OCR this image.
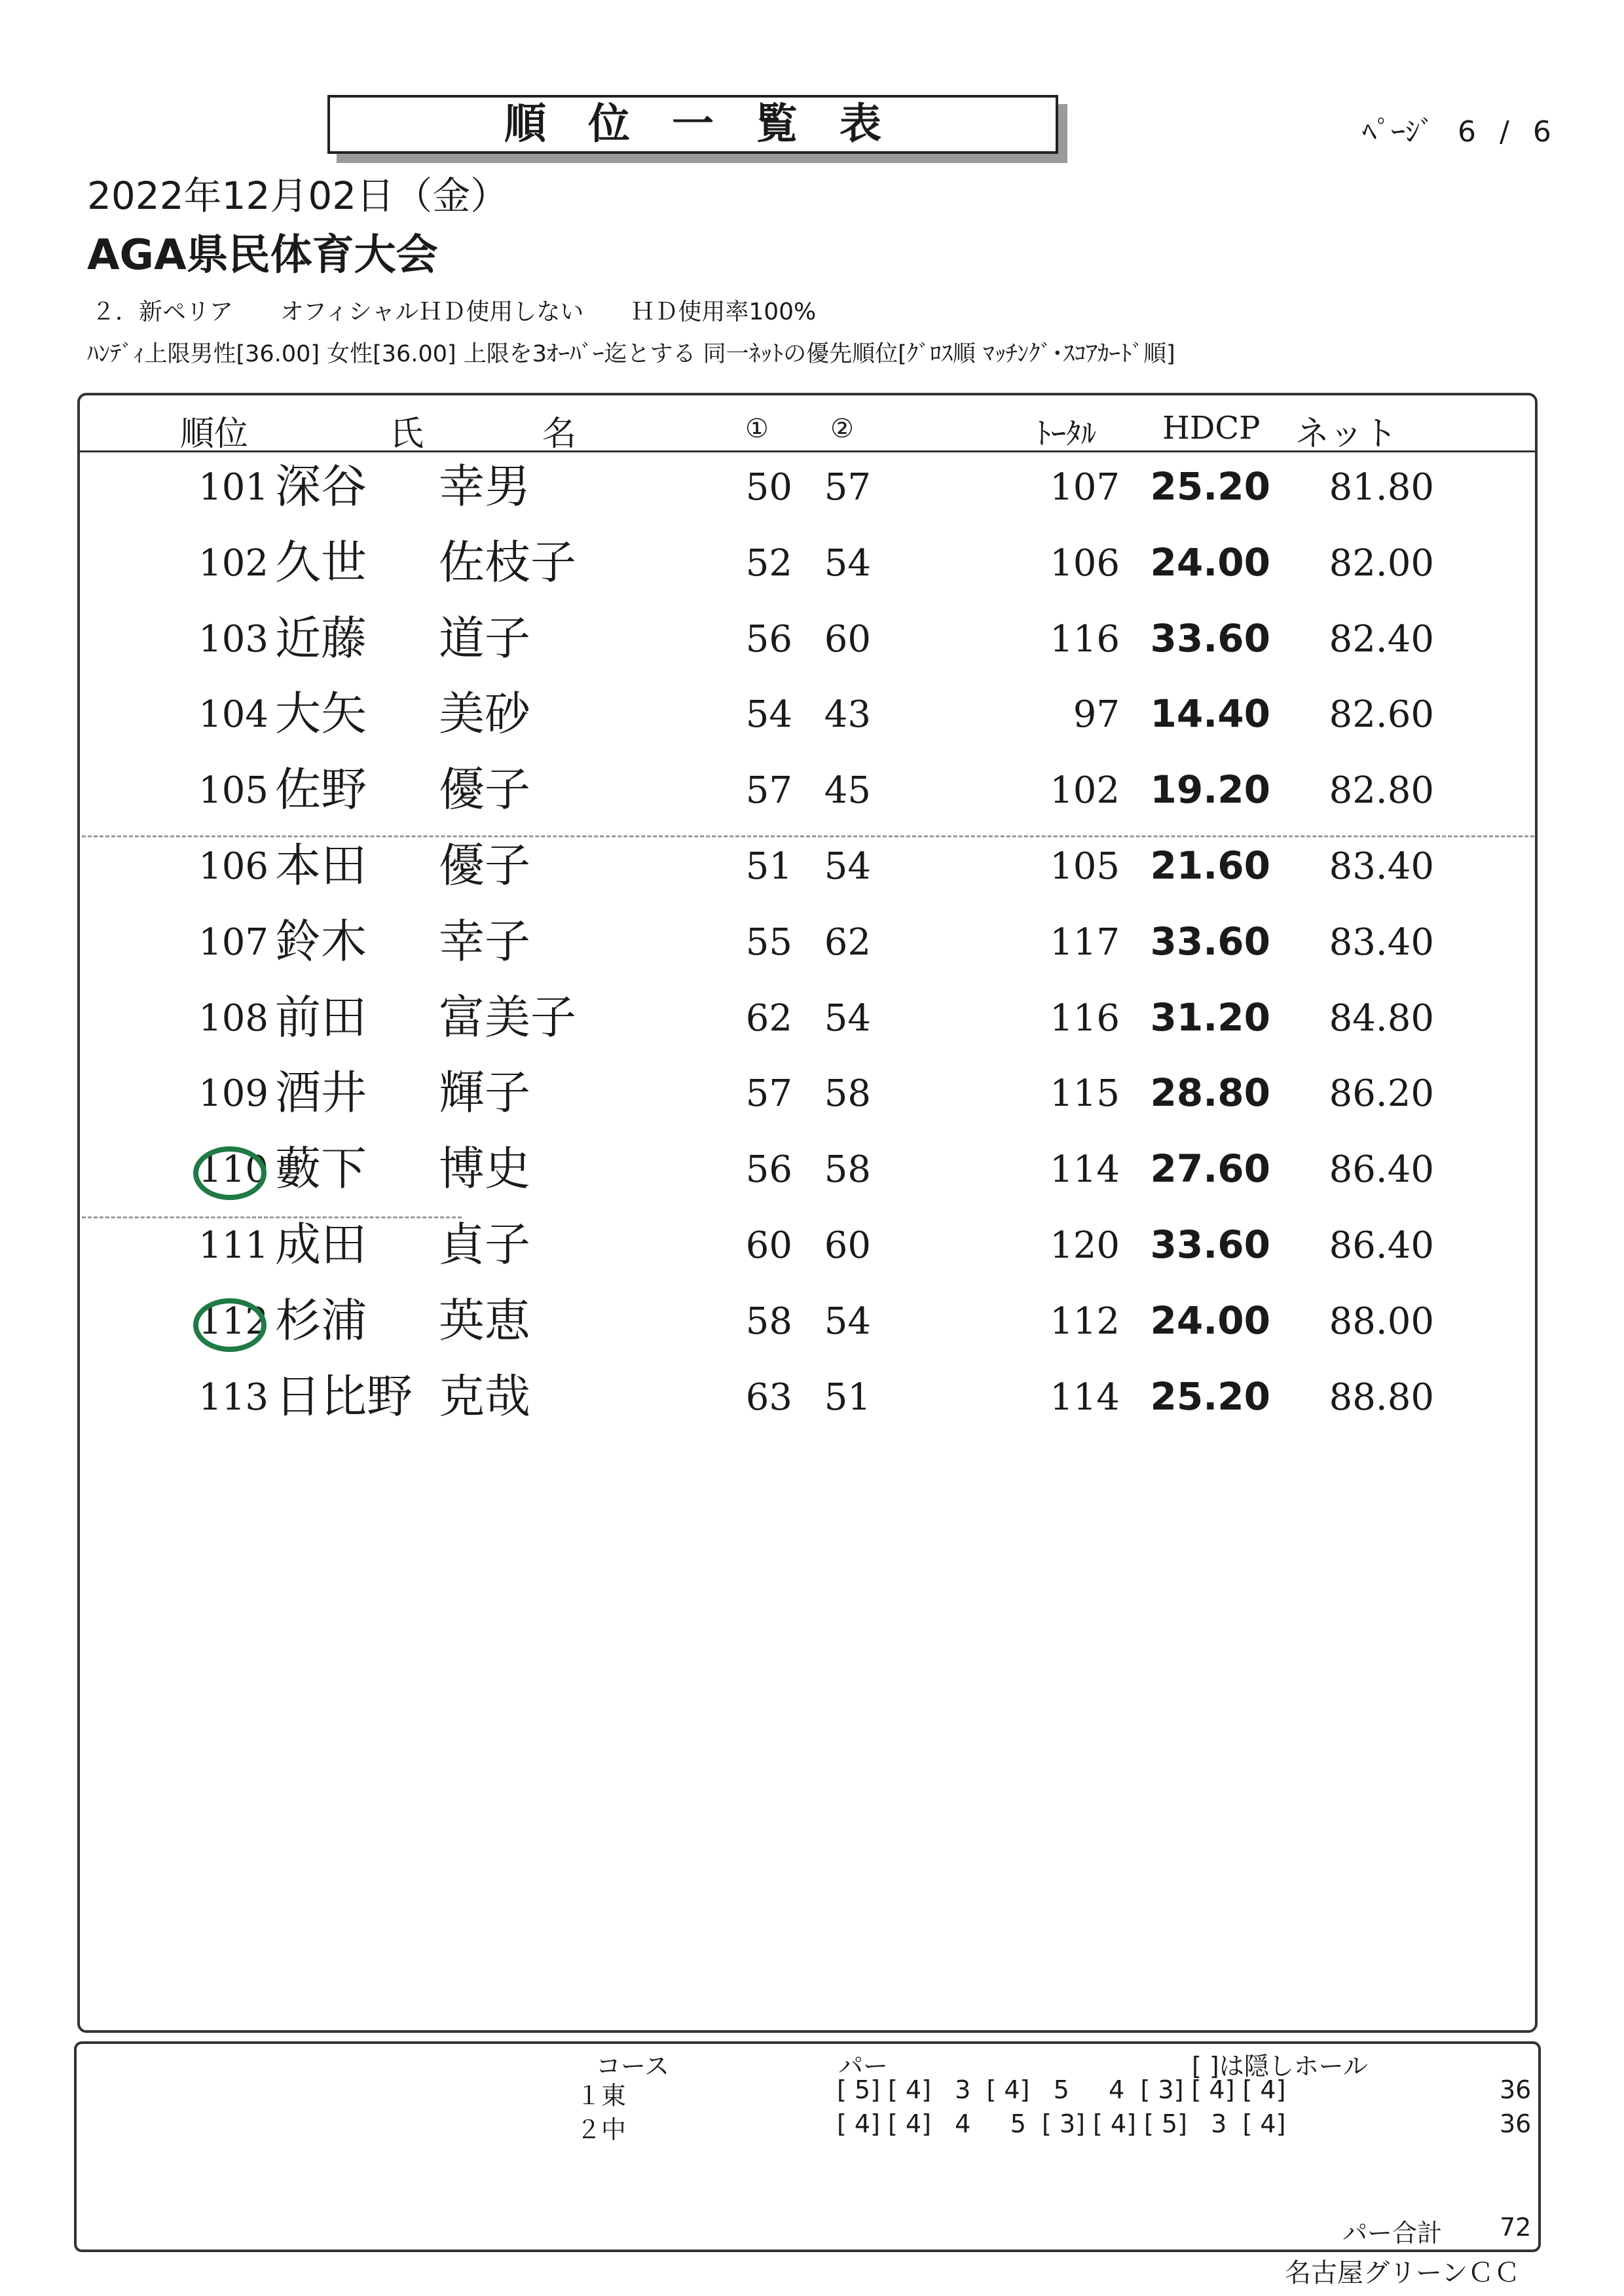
順位一覧表	ﾍﾟｰｼﾞ 6 / 6
2022年12月02日（金）
AGA県民体育大会
２．新ペリア　　オフィシャルＨＤ使用しない　　ＨＤ使用率100%
ﾊﾝﾃﾞｨ上限男性[36.00] 女性[36.00] 上限を3ｵｰﾊﾞｰ迄とする 同一ﾈｯﾄの優先順位[ｸﾞﾛｽ順 ﾏｯﾁﾝｸﾞ･ｽｺｱｶｰﾄﾞ順]
順位	氏	名	① ②	ﾄｰﾀﾙ HDCP ネット
101 深谷 幸男	50 57	107 25.20	81.80
102 久世 佐枝子	52 54	106 24.00	82.00
103 近藤 道子	56 60	116 33.60	82.40
104 大矢 美砂	54 43	97 14.40	82.60
105 佐野 優子	57 45	102 19.20	82.80
106 本田 優子	51 54	105 21.60	83.40
107 鈴木 幸子	55 62	117 33.60	83.40
108 前田 富美子	62 54	116 31.20	84.80
109 酒井 輝子	57 58	115 28.80	86.20
110 藪下 博史	56 58	114 27.60	86.40
111 成田 貞子	60 60	120 33.60	86.40
112 杉浦 英恵	58 54	112 24.00	88.00
113 日比野 克哉	63 51	114 25.20	88.80
コース	パー	[ ]は隠しホール
１東	[ 5] [ 4]   3  [ 4]   5     4  [ 3] [ 4] [ 4]	36
２中	[ 4] [ 4]   4     5  [ 3] [ 4] [ 5]   3  [ 4]	36
パー合計 72
名古屋グリーンＣＣ
